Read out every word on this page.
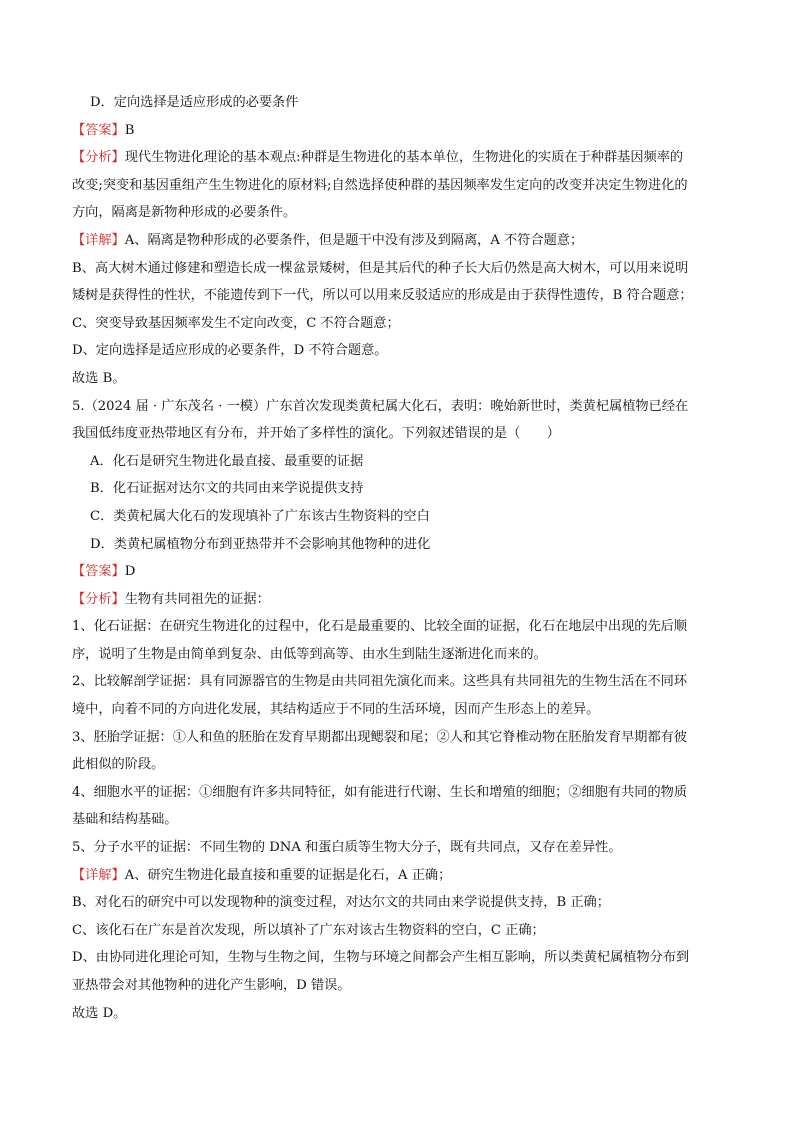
D．定向选择是适应形成的必要条件
【答案】B
【分析】现代生物进化理论的基本观点:种群是生物进化的基本单位，生物进化的实质在于种群基因频率的
改变;突变和基因重组产生生物进化的原材料;自然选择使种群的基因频率发生定向的改变并决定生物进化的
方向，隔离是新物种形成的必要条件。
【详解】A、隔离是物种形成的必要条件，但是题干中没有涉及到隔离，A 不符合题意；
B、高大树木通过修建和塑造长成一棵盆景矮树，但是其后代的种子长大后仍然是高大树木，可以用来说明
矮树是获得性的性状，不能遗传到下一代，所以可以用来反驳适应的形成是由于获得性遗传，B 符合题意；
C、突变导致基因频率发生不定向改变，C 不符合题意；
D、定向选择是适应形成的必要条件，D 不符合题意。
故选 B。
5.（2024 届 · 广东茂名 · 一模）广东首次发现类黄杞属大化石，表明：晚始新世时，类黄杞属植物已经在
我国低纬度亚热带地区有分布，并开始了多样性的演化。下列叙述错误的是（　　）
A．化石是研究生物进化最直接、最重要的证据
B．化石证据对达尔文的共同由来学说提供支持
C．类黄杞属大化石的发现填补了广东该古生物资料的空白
D．类黄杞属植物分布到亚热带并不会影响其他物种的进化
【答案】D
【分析】生物有共同祖先的证据：
1、化石证据：在研究生物进化的过程中，化石是最重要的、比较全面的证据，化石在地层中出现的先后顺
序，说明了生物是由简单到复杂、由低等到高等、由水生到陆生逐渐进化而来的。
2、比较解剖学证据：具有同源器官的生物是由共同祖先演化而来。这些具有共同祖先的生物生活在不同环
境中，向着不同的方向进化发展，其结构适应于不同的生活环境，因而产生形态上的差异。
3、胚胎学证据：①人和鱼的胚胎在发育早期都出现鳃裂和尾；②人和其它脊椎动物在胚胎发育早期都有彼
此相似的阶段。
4、细胞水平的证据：①细胞有许多共同特征，如有能进行代谢、生长和增殖的细胞；②细胞有共同的物质
基础和结构基础。
5、分子水平的证据：不同生物的 DNA 和蛋白质等生物大分子，既有共同点，又存在差异性。
【详解】A、研究生物进化最直接和重要的证据是化石，A 正确；
B、对化石的研究中可以发现物种的演变过程，对达尔文的共同由来学说提供支持，B 正确；
C、该化石在广东是首次发现，所以填补了广东对该古生物资料的空白，C 正确；
D、由协同进化理论可知，生物与生物之间，生物与环境之间都会产生相互影响，所以类黄杞属植物分布到
亚热带会对其他物种的进化产生影响，D 错误。
故选 D。
